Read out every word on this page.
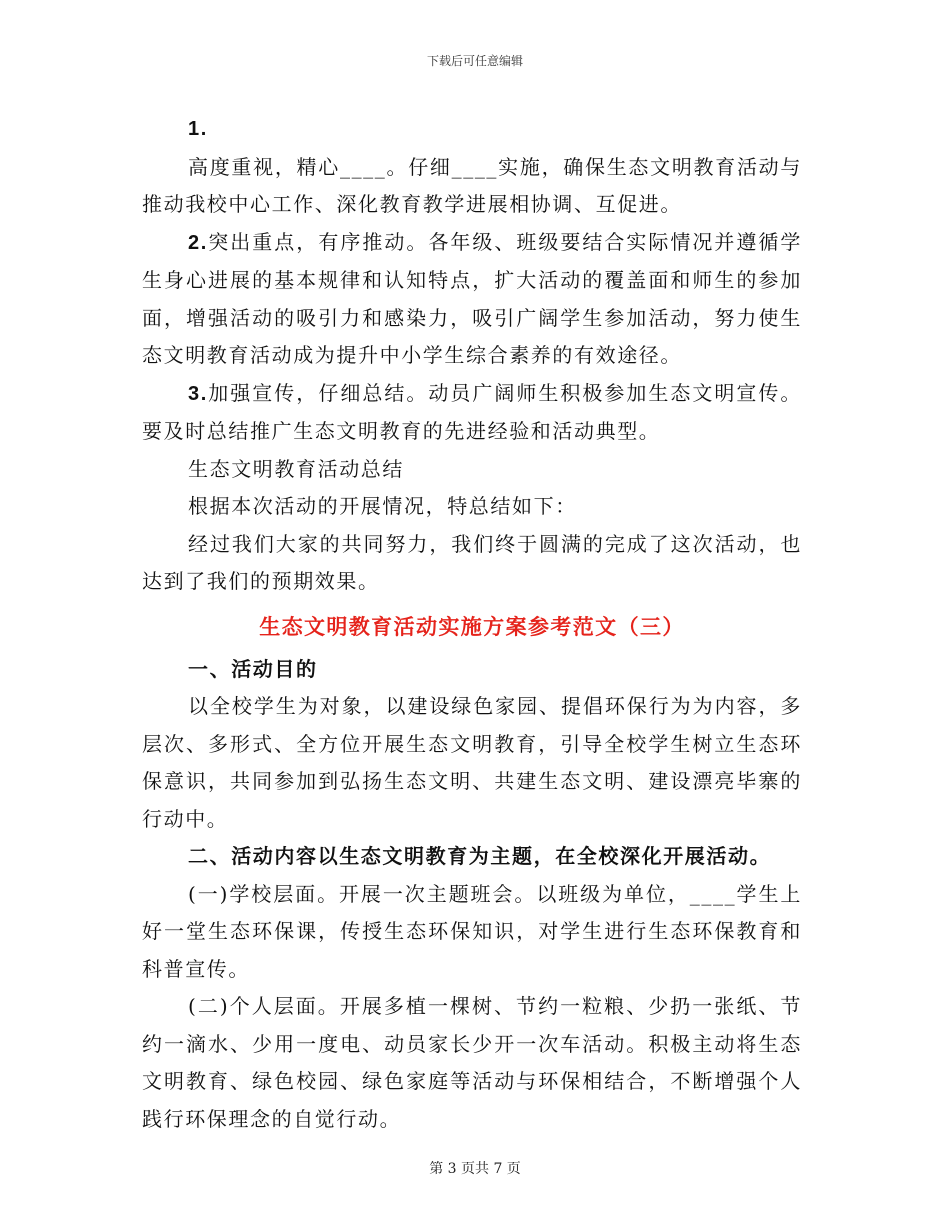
下载后可任意编辑

1.

高度重视，精心____。仔细____实施，确保生态文明教育活动与推动我校中心工作、深化教育教学进展相协调、互促进。

2.突出重点，有序推动。各年级、班级要结合实际情况并遵循学生身心进展的基本规律和认知特点，扩大活动的覆盖面和师生的参加面，增强活动的吸引力和感染力，吸引广阔学生参加活动，努力使生态文明教育活动成为提升中小学生综合素养的有效途径。

3.加强宣传，仔细总结。动员广阔师生积极参加生态文明宣传。要及时总结推广生态文明教育的先进经验和活动典型。

生态文明教育活动总结

根据本次活动的开展情况，特总结如下：

经过我们大家的共同努力，我们终于圆满的完成了这次活动，也达到了我们的预期效果。

生态文明教育活动实施方案参考范文（三）

一、活动目的

以全校学生为对象，以建设绿色家园、提倡环保行为为内容，多层次、多形式、全方位开展生态文明教育，引导全校学生树立生态环保意识，共同参加到弘扬生态文明、共建生态文明、建设漂亮毕寨的行动中。

二、活动内容以生态文明教育为主题，在全校深化开展活动。

(一)学校层面。开展一次主题班会。以班级为单位，____学生上好一堂生态环保课，传授生态环保知识，对学生进行生态环保教育和科普宣传。

(二)个人层面。开展多植一棵树、节约一粒粮、少扔一张纸、节约一滴水、少用一度电、动员家长少开一次车活动。积极主动将生态文明教育、绿色校园、绿色家庭等活动与环保相结合，不断增强个人践行环保理念的自觉行动。

第 3 页共 7 页
